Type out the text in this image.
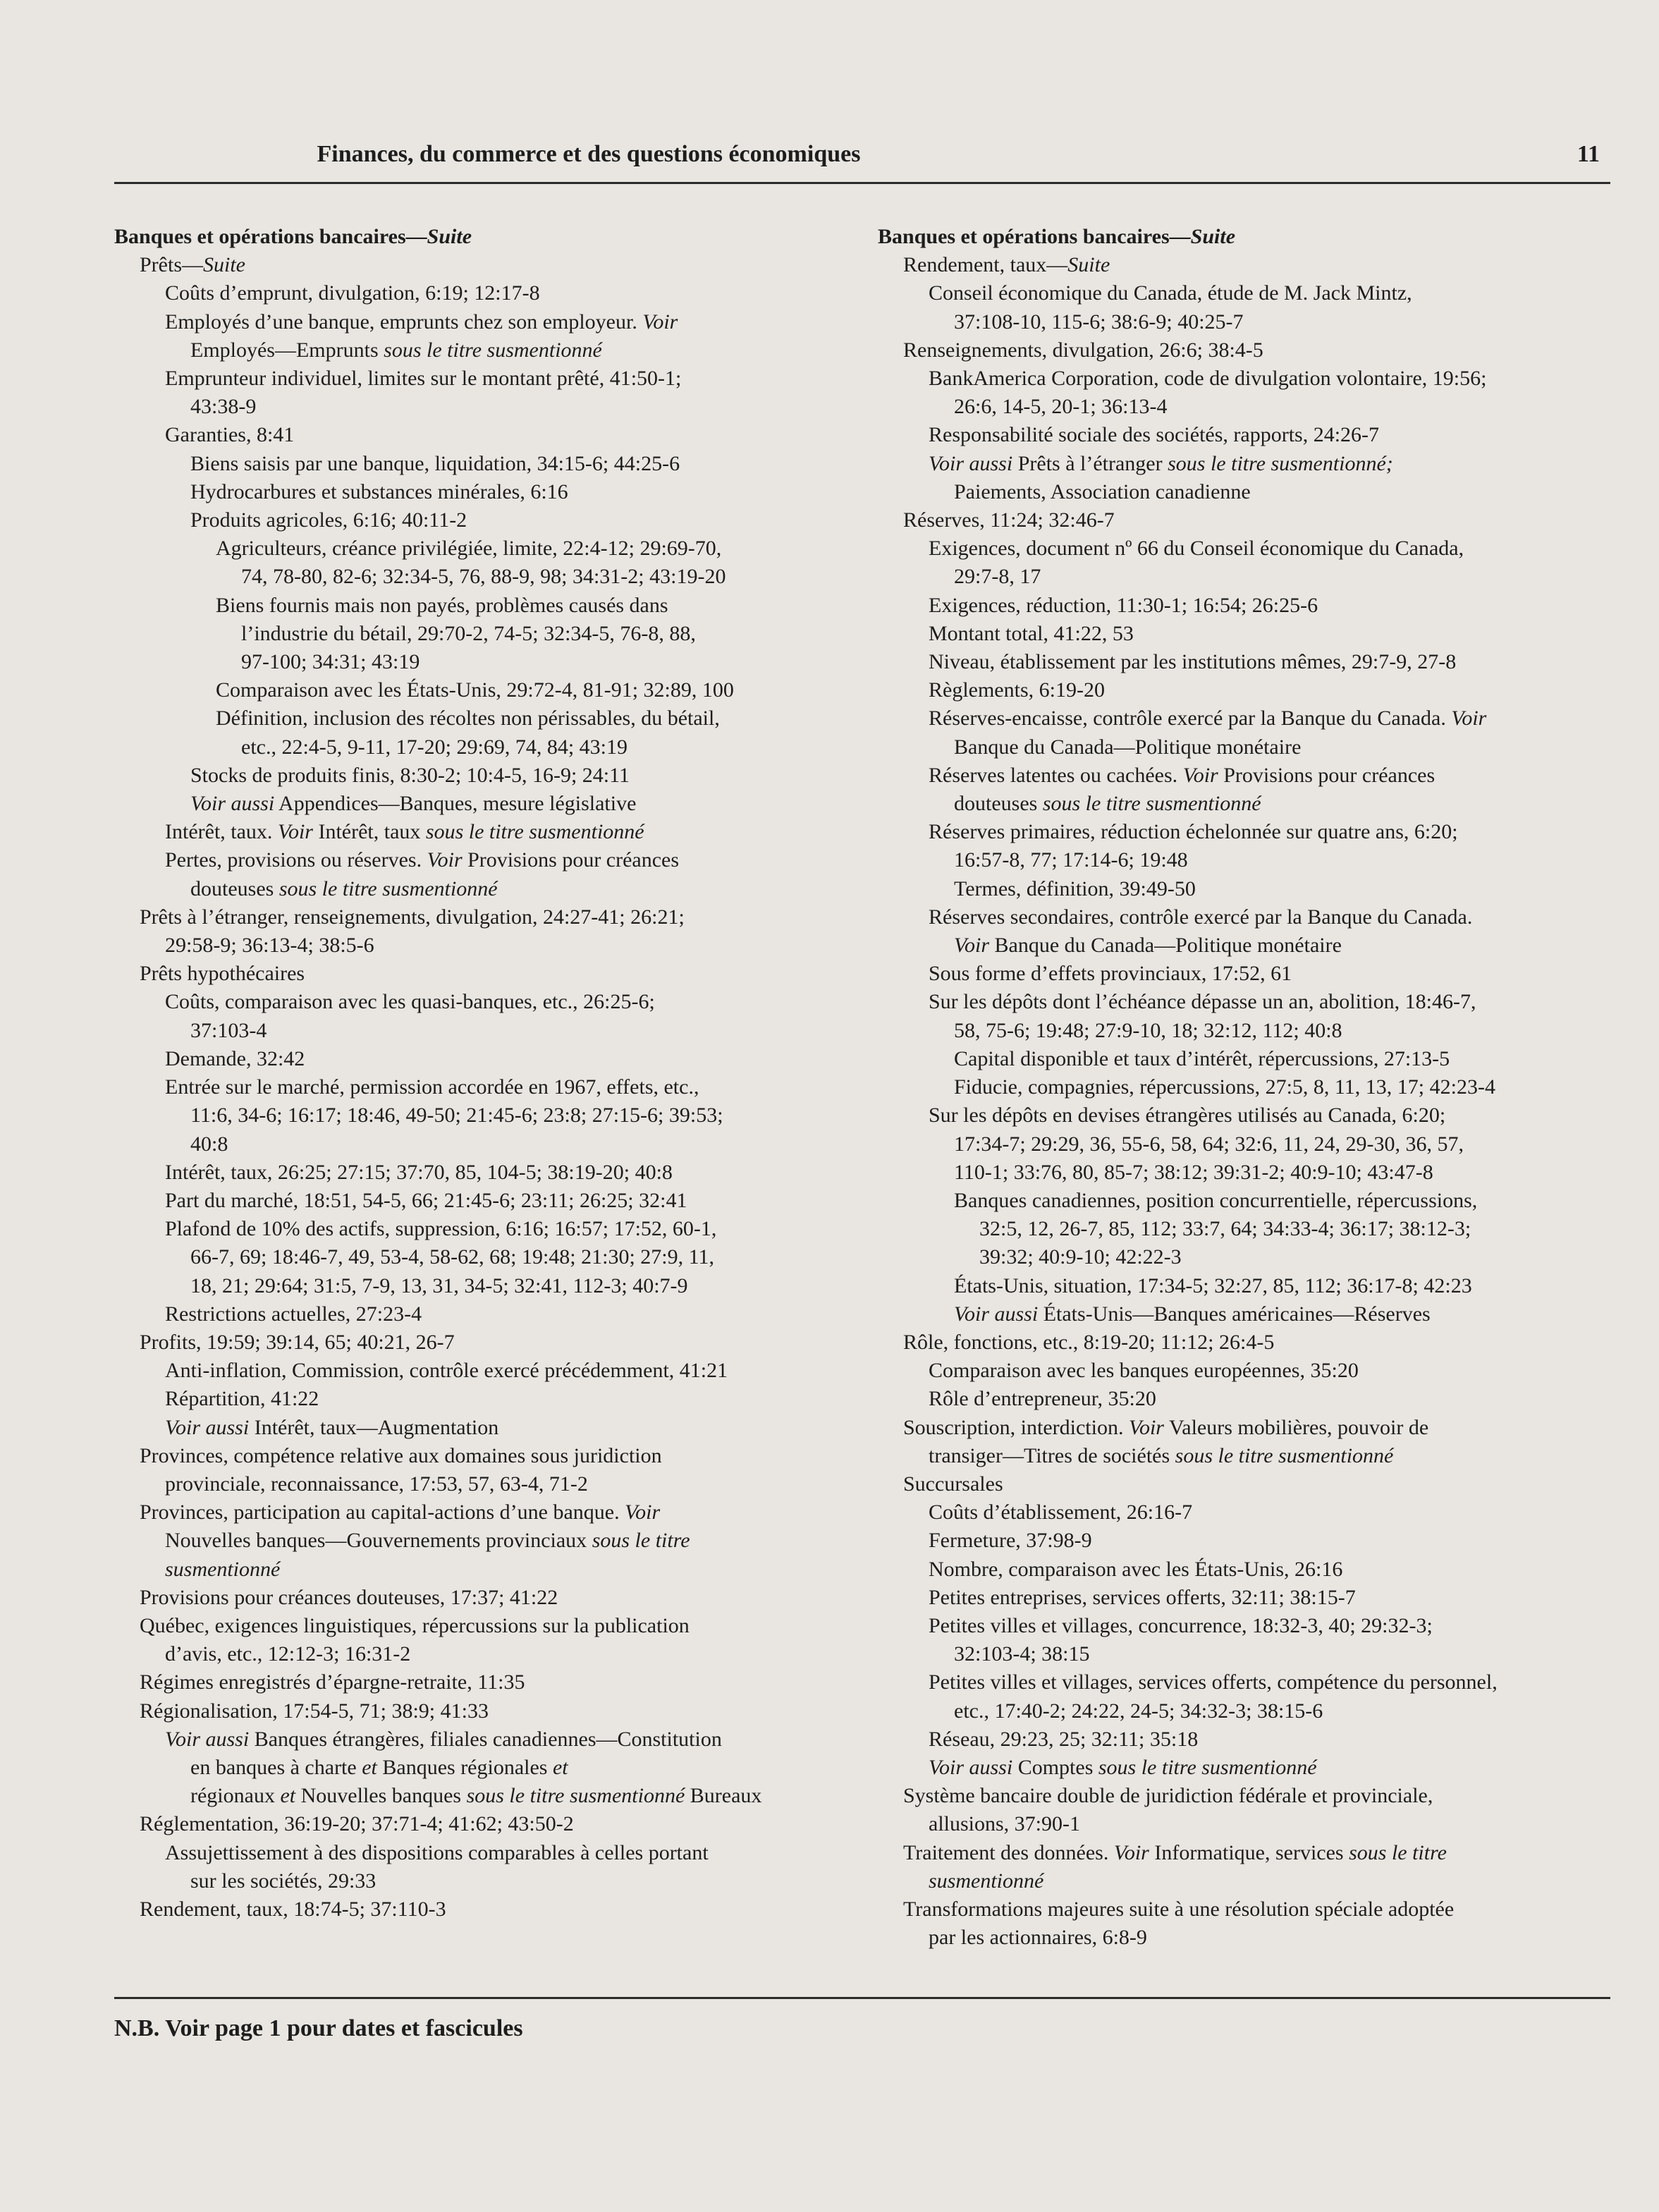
Finances, du commerce et des questions économiques	11
Banques et opérations bancaires—Suite
Prêts—Suite
Coûts d’emprunt, divulgation, 6:19; 12:17-8
Employés d’une banque, emprunts chez son employeur. Voir
Employés—Emprunts sous le titre susmentionné
Emprunteur individuel, limites sur le montant prêté, 41:50-1;
43:38-9
Garanties, 8:41
Biens saisis par une banque, liquidation, 34:15-6; 44:25-6
Hydrocarbures et substances minérales, 6:16
Produits agricoles, 6:16; 40:11-2
Agriculteurs, créance privilégiée, limite, 22:4-12; 29:69-70,
74, 78-80, 82-6; 32:34-5, 76, 88-9, 98; 34:31-2; 43:19-20
Biens fournis mais non payés, problèmes causés dans
l’industrie du bétail, 29:70-2, 74-5; 32:34-5, 76-8, 88,
97-100; 34:31; 43:19
Comparaison avec les États-Unis, 29:72-4, 81-91; 32:89, 100
Définition, inclusion des récoltes non périssables, du bétail,
etc., 22:4-5, 9-11, 17-20; 29:69, 74, 84; 43:19
Stocks de produits finis, 8:30-2; 10:4-5, 16-9; 24:11
Voir aussi Appendices—Banques, mesure législative
Intérêt, taux. Voir Intérêt, taux sous le titre susmentionné
Pertes, provisions ou réserves. Voir Provisions pour créances
douteuses sous le titre susmentionné
Prêts à l’étranger, renseignements, divulgation, 24:27-41; 26:21;
29:58-9; 36:13-4; 38:5-6
Prêts hypothécaires
Coûts, comparaison avec les quasi-banques, etc., 26:25-6;
37:103-4
Demande, 32:42
Entrée sur le marché, permission accordée en 1967, effets, etc.,
11:6, 34-6; 16:17; 18:46, 49-50; 21:45-6; 23:8; 27:15-6; 39:53;
40:8
Intérêt, taux, 26:25; 27:15; 37:70, 85, 104-5; 38:19-20; 40:8
Part du marché, 18:51, 54-5, 66; 21:45-6; 23:11; 26:25; 32:41
Plafond de 10% des actifs, suppression, 6:16; 16:57; 17:52, 60-1,
66-7, 69; 18:46-7, 49, 53-4, 58-62, 68; 19:48; 21:30; 27:9, 11,
18, 21; 29:64; 31:5, 7-9, 13, 31, 34-5; 32:41, 112-3; 40:7-9
Restrictions actuelles, 27:23-4
Profits, 19:59; 39:14, 65; 40:21, 26-7
Anti-inflation, Commission, contrôle exercé précédemment, 41:21
Répartition, 41:22
Voir aussi Intérêt, taux—Augmentation
Provinces, compétence relative aux domaines sous juridiction
provinciale, reconnaissance, 17:53, 57, 63-4, 71-2
Provinces, participation au capital-actions d’une banque. Voir
Nouvelles banques—Gouvernements provinciaux sous le titre
susmentionné
Provisions pour créances douteuses, 17:37; 41:22
Québec, exigences linguistiques, répercussions sur la publication
d’avis, etc., 12:12-3; 16:31-2
Régimes enregistrés d’épargne-retraite, 11:35
Régionalisation, 17:54-5, 71; 38:9; 41:33
Voir aussi Banques étrangères, filiales canadiennes—Constitution
en banques à charte et Banques régionales et
régionaux et Nouvelles banques sous le titre susmentionné Bureaux
Réglementation, 36:19-20; 37:71-4; 41:62; 43:50-2
Assujettissement à des dispositions comparables à celles portant
sur les sociétés, 29:33
Rendement, taux, 18:74-5; 37:110-3
Banques et opérations bancaires—Suite
Rendement, taux—Suite
Conseil économique du Canada, étude de M. Jack Mintz,
37:108-10, 115-6; 38:6-9; 40:25-7
Renseignements, divulgation, 26:6; 38:4-5
BankAmerica Corporation, code de divulgation volontaire, 19:56;
26:6, 14-5, 20-1; 36:13-4
Responsabilité sociale des sociétés, rapports, 24:26-7
Voir aussi Prêts à l’étranger sous le titre susmentionné;
Paiements, Association canadienne
Réserves, 11:24; 32:46-7
Exigences, document nº 66 du Conseil économique du Canada,
29:7-8, 17
Exigences, réduction, 11:30-1; 16:54; 26:25-6
Montant total, 41:22, 53
Niveau, établissement par les institutions mêmes, 29:7-9, 27-8
Règlements, 6:19-20
Réserves-encaisse, contrôle exercé par la Banque du Canada. Voir
Banque du Canada—Politique monétaire
Réserves latentes ou cachées. Voir Provisions pour créances
douteuses sous le titre susmentionné
Réserves primaires, réduction échelonnée sur quatre ans, 6:20;
16:57-8, 77; 17:14-6; 19:48
Termes, définition, 39:49-50
Réserves secondaires, contrôle exercé par la Banque du Canada.
Voir Banque du Canada—Politique monétaire
Sous forme d’effets provinciaux, 17:52, 61
Sur les dépôts dont l’échéance dépasse un an, abolition, 18:46-7,
58, 75-6; 19:48; 27:9-10, 18; 32:12, 112; 40:8
Capital disponible et taux d’intérêt, répercussions, 27:13-5
Fiducie, compagnies, répercussions, 27:5, 8, 11, 13, 17; 42:23-4
Sur les dépôts en devises étrangères utilisés au Canada, 6:20;
17:34-7; 29:29, 36, 55-6, 58, 64; 32:6, 11, 24, 29-30, 36, 57,
110-1; 33:76, 80, 85-7; 38:12; 39:31-2; 40:9-10; 43:47-8
Banques canadiennes, position concurrentielle, répercussions,
32:5, 12, 26-7, 85, 112; 33:7, 64; 34:33-4; 36:17; 38:12-3;
39:32; 40:9-10; 42:22-3
États-Unis, situation, 17:34-5; 32:27, 85, 112; 36:17-8; 42:23
Voir aussi États-Unis—Banques américaines—Réserves
Rôle, fonctions, etc., 8:19-20; 11:12; 26:4-5
Comparaison avec les banques européennes, 35:20
Rôle d’entrepreneur, 35:20
Souscription, interdiction. Voir Valeurs mobilières, pouvoir de
transiger—Titres de sociétés sous le titre susmentionné
Succursales
Coûts d’établissement, 26:16-7
Fermeture, 37:98-9
Nombre, comparaison avec les États-Unis, 26:16
Petites entreprises, services offerts, 32:11; 38:15-7
Petites villes et villages, concurrence, 18:32-3, 40; 29:32-3;
32:103-4; 38:15
Petites villes et villages, services offerts, compétence du personnel,
etc., 17:40-2; 24:22, 24-5; 34:32-3; 38:15-6
Réseau, 29:23, 25; 32:11; 35:18
Voir aussi Comptes sous le titre susmentionné
Système bancaire double de juridiction fédérale et provinciale,
allusions, 37:90-1
Traitement des données. Voir Informatique, services sous le titre
susmentionné
Transformations majeures suite à une résolution spéciale adoptée
par les actionnaires, 6:8-9
N.B. Voir page 1 pour dates et fascicules
